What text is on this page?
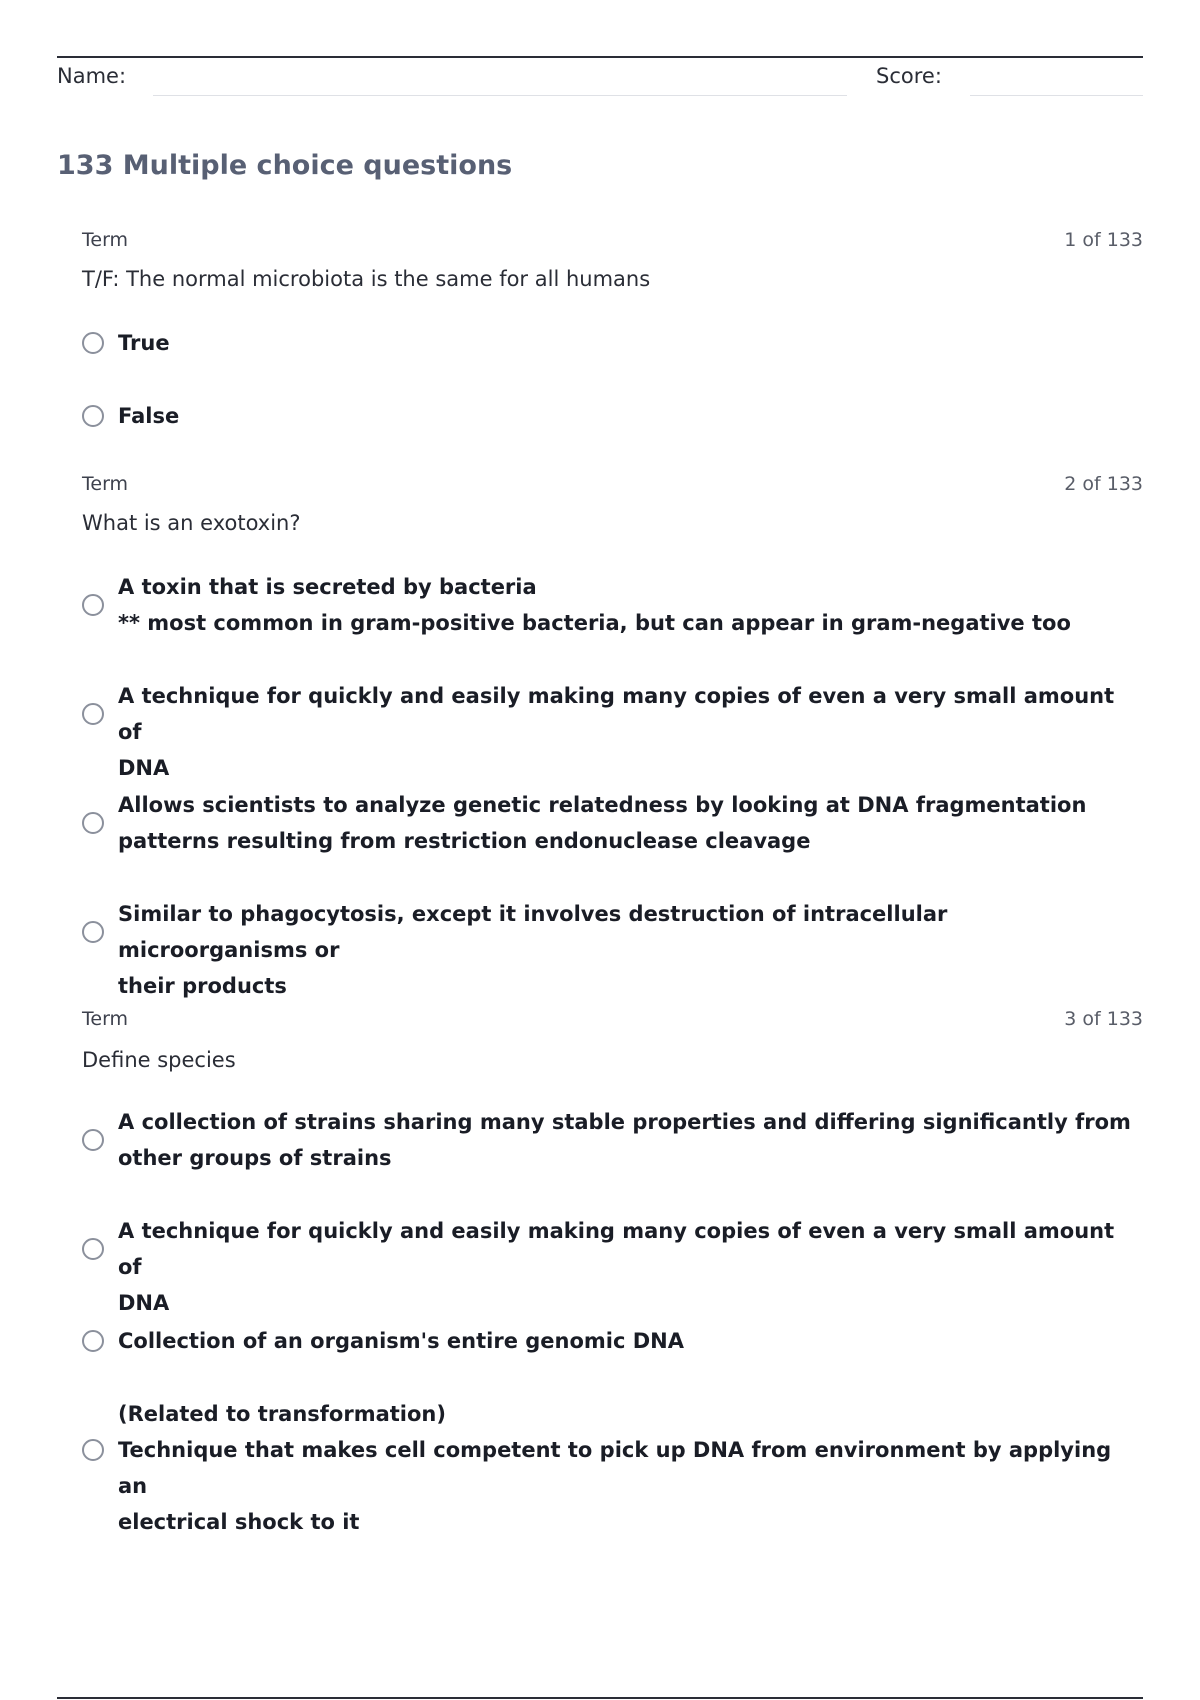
Name:	Score:
133 Multiple choice questions
Term	1 of 133
T/F: The normal microbiota is the same for all humans

True

False

Term	2 of 133
What is an exotoxin?

A toxin that is secreted by bacteria
** most common in gram-positive bacteria, but can appear in gram-negative too

A technique for quickly and easily making many copies of even a very small amount of
DNA

Allows scientists to analyze genetic relatedness by looking at DNA fragmentation
patterns resulting from restriction endonuclease cleavage

Similar to phagocytosis, except it involves destruction of intracellular microorganisms or
their products

Term	3 of 133
Define species

A collection of strains sharing many stable properties and differing significantly from
other groups of strains

A technique for quickly and easily making many copies of even a very small amount of
DNA

Collection of an organism's entire genomic DNA

(Related to transformation)
Technique that makes cell competent to pick up DNA from environment by applying an
electrical shock to it
